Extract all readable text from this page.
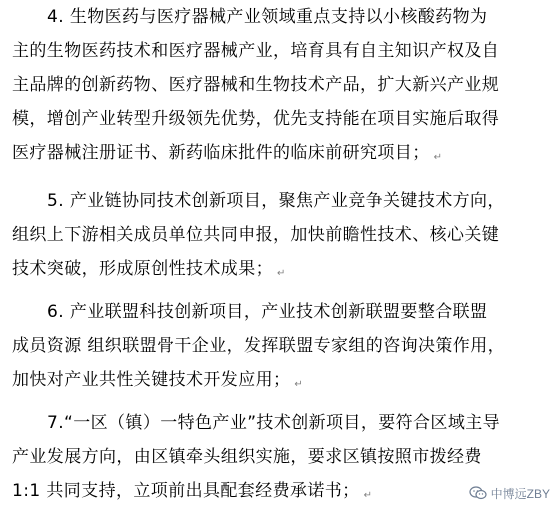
4. 生物医药与医疗器械产业领域重点支持以小核酸药物为
主的生物医药技术和医疗器械产业，培育具有自主知识产权及自
主品牌的创新药物、医疗器械和生物技术产品，扩大新兴产业规
模，增创产业转型升级领先优势，优先支持能在项目实施后取得
医疗器械注册证书、新药临床批件的临床前研究项目； ↵
5. 产业链协同技术创新项目，聚焦产业竞争关键技术方向，
组织上下游相关成员单位共同申报，加快前瞻性技术、核心关键
技术突破，形成原创性技术成果； ↵
6. 产业联盟科技创新项目，产业技术创新联盟要整合联盟
成员资源 组织联盟骨干企业，发挥联盟专家组的咨询决策作用，
加快对产业共性关键技术开发应用； ↵
7.“一区（镇）一特色产业”技术创新项目，要符合区域主导
产业发展方向，由区镇牵头组织实施，要求区镇按照市拨经费
1:1 共同支持，立项前出具配套经费承诺书； ↵	中博远ZBY
